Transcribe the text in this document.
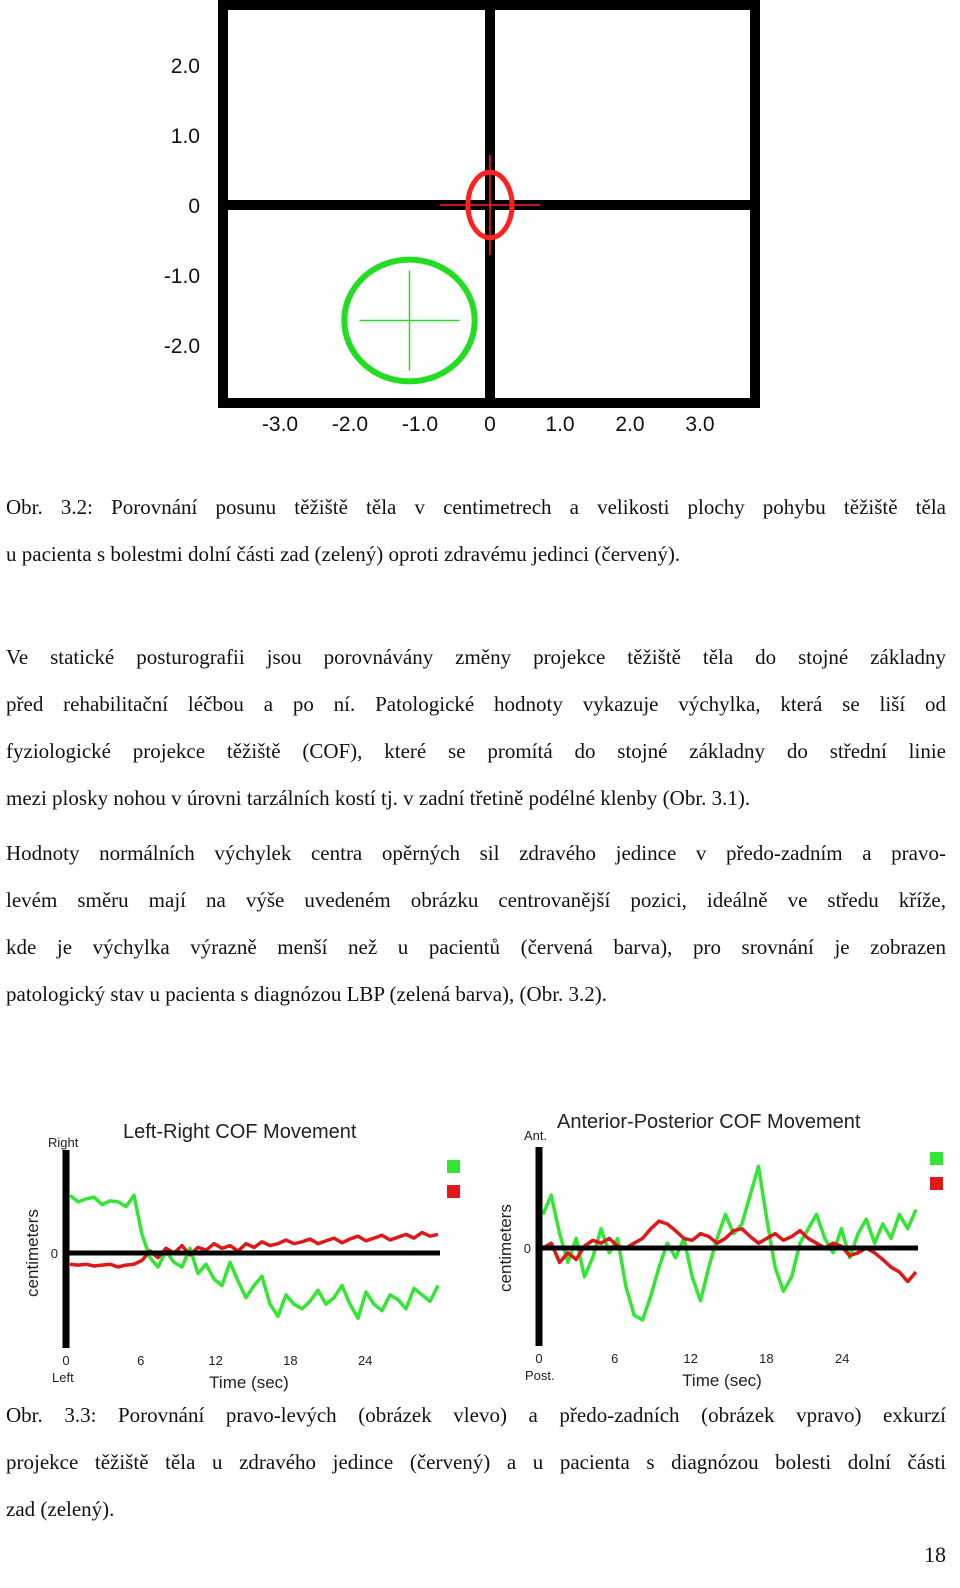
2.0
1.0
0
-1.0
-2.0
-3.0 -2.0 -1.0 0 1.0 2.0 3.0

Obr. 3.2: Porovnání posunu těžiště těla v centimetrech a velikosti plochy pohybu těžiště těla
u pacienta s bolestmi dolní části zad (zelený) oproti zdravému jedinci (červený).

Ve statické posturografii jsou porovnávány změny projekce těžiště těla do stojné základny
před rehabilitační léčbou a po ní. Patologické hodnoty vykazuje výchylka, která se liší od
fyziologické projekce těžiště (COF), které se promítá do stojné základny do střední linie
mezi plosky nohou v úrovni tarzálních kostí tj. v zadní třetině podélné klenby (Obr. 3.1).

Hodnoty normálních výchylek centra opěrných sil zdravého jedince v předo-zadním a pravo-
levém směru mají na výše uvedeném obrázku centrovanější pozici, ideálně ve středu kříže,
kde je výchylka výrazně menší než u pacientů (červená barva), pro srovnání je zobrazen
patologický stav u pacienta s diagnózou LBP (zelená barva), (Obr. 3.2).

Left-Right COF Movement
Right
Left
0
centimeters
Time (sec)
0	6	12	18	24
Anterior-Posterior COF Movement
Ant.
Post.
0
centimeters
Time (sec)
0	6	12	18	24

Obr. 3.3: Porovnání pravo-levých (obrázek vlevo) a předo-zadních (obrázek vpravo) exkurzí
projekce těžiště těla u zdravého jedince (červený) a u pacienta s diagnózou bolesti dolní části
zad (zelený).

18
